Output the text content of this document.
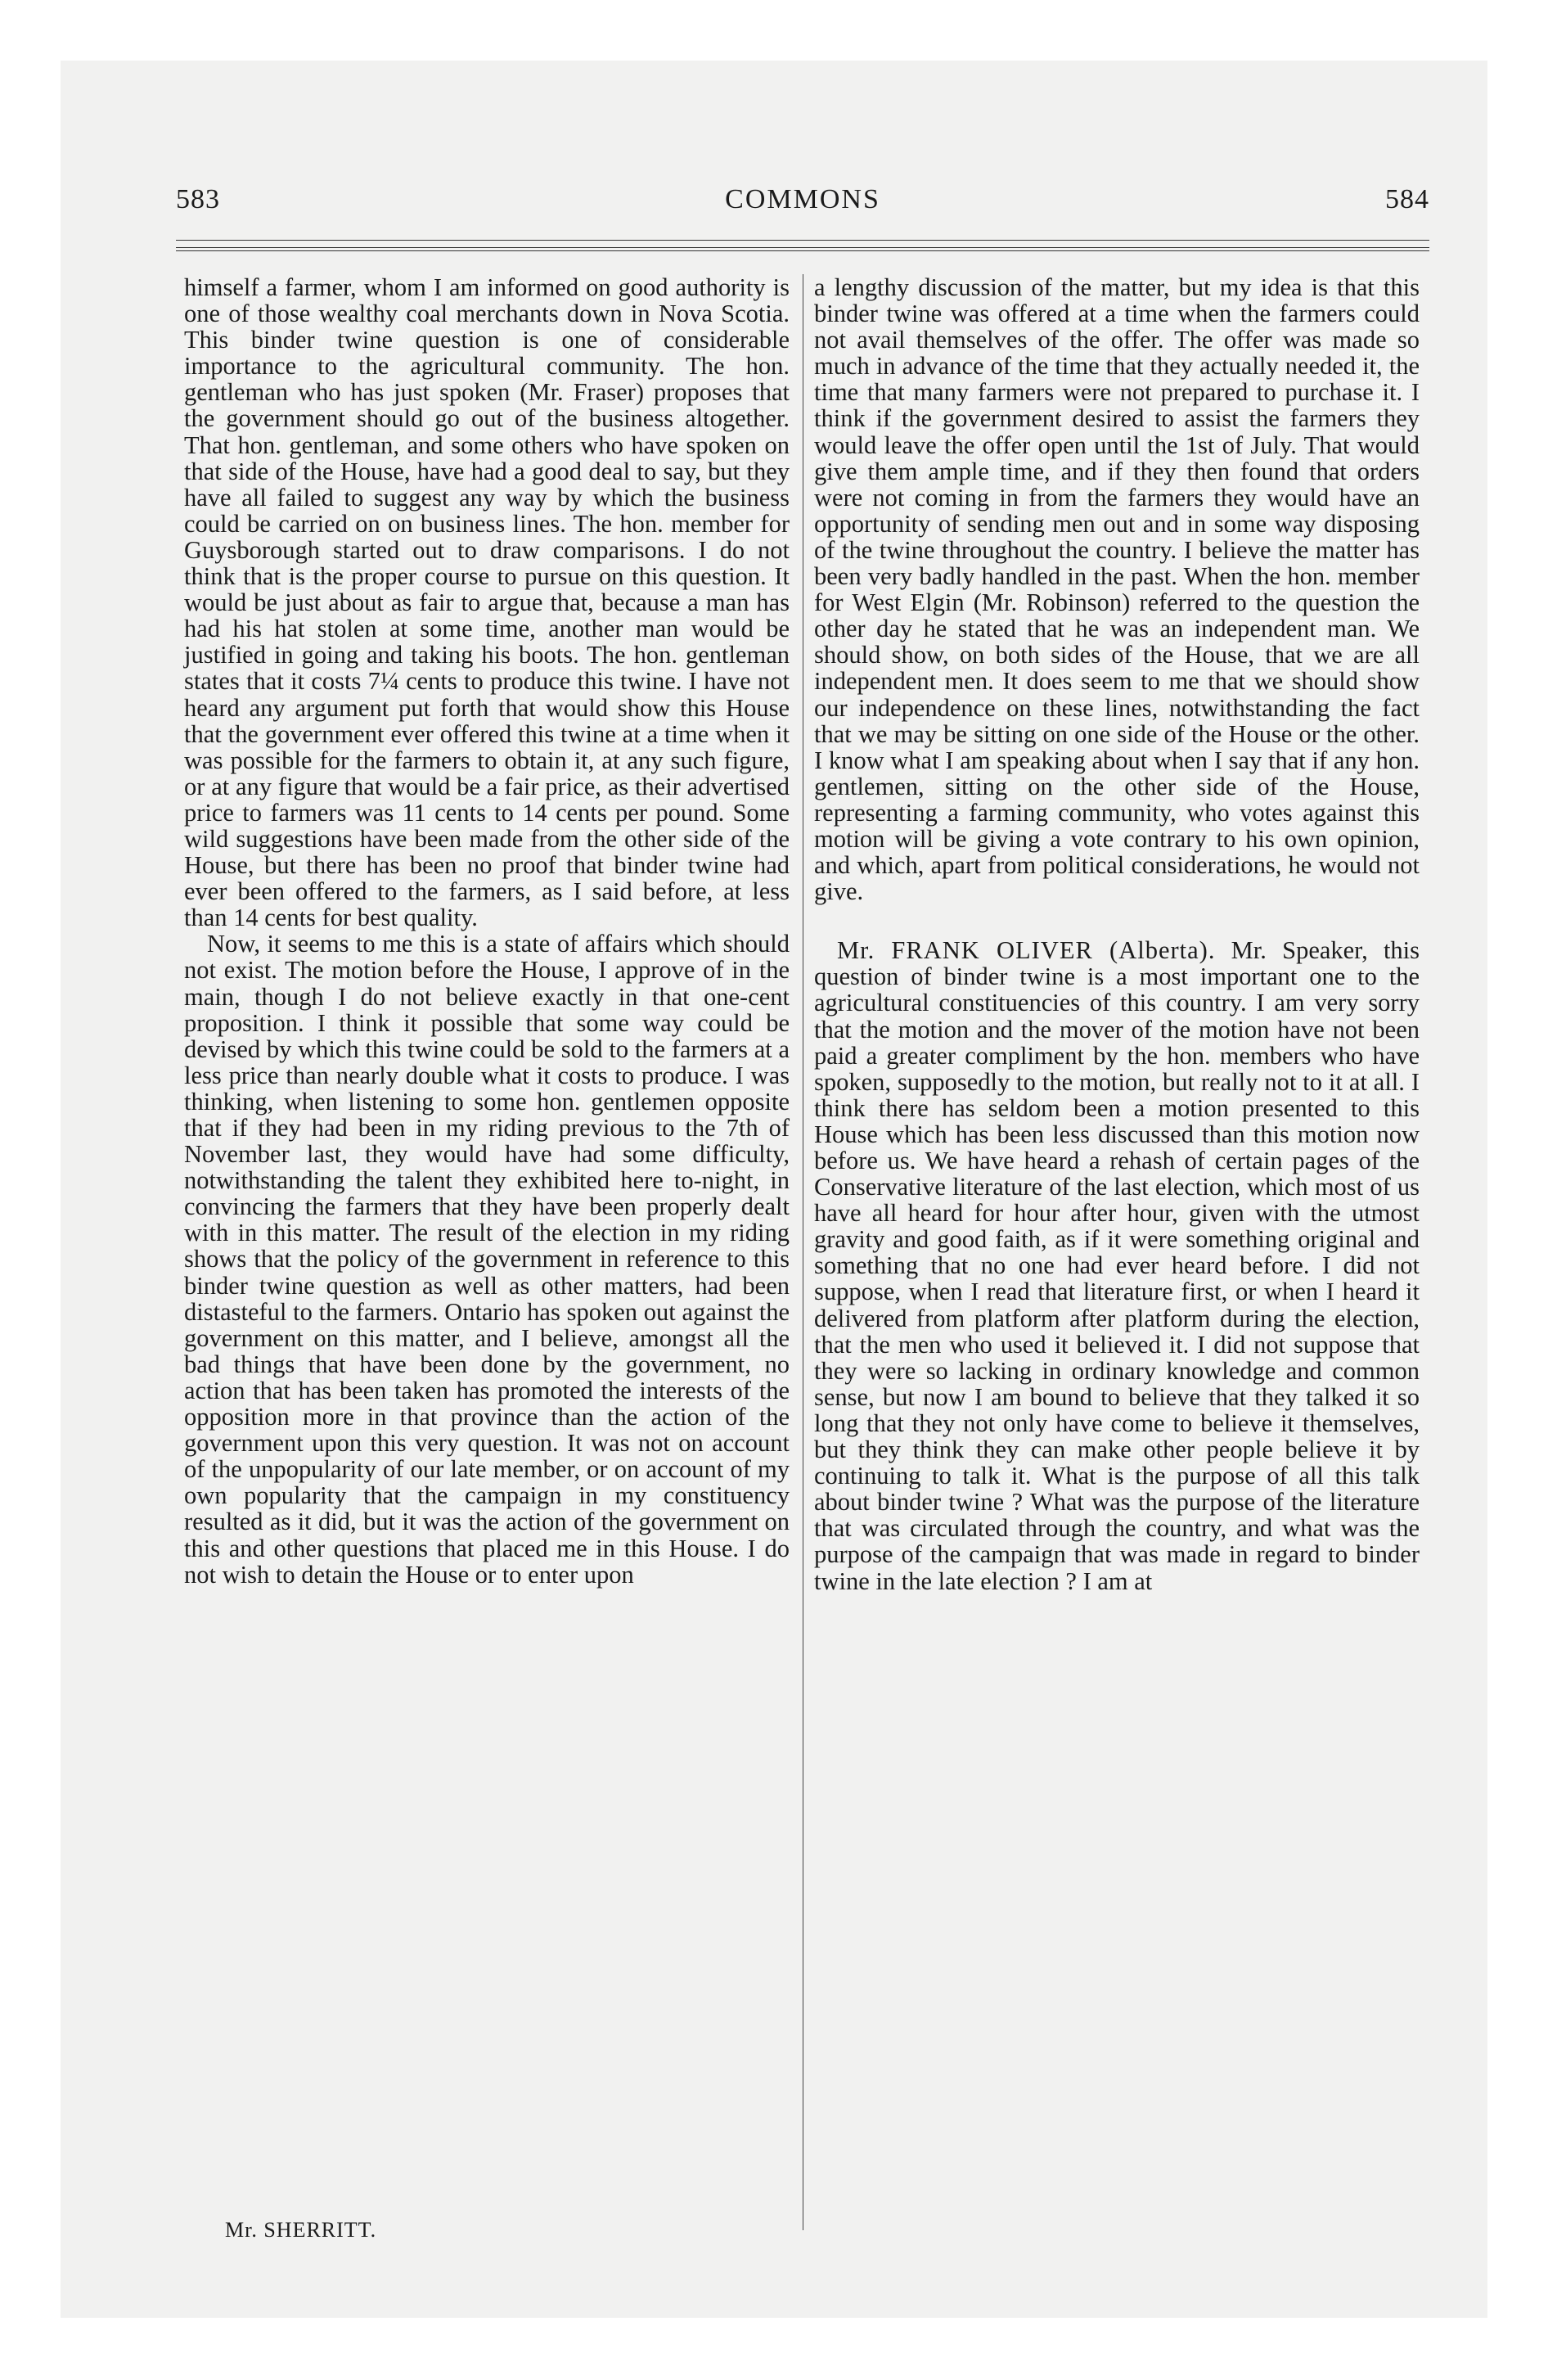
583	COMMONS	584

himself a farmer, whom I am informed on good authority is one of those wealthy coal merchants down in Nova Scotia. This binder twine question is one of considerable importance to the agricultural community. The hon. gentleman who has just spoken (Mr. Fraser) proposes that the government should go out of the business altogether. That hon. gentleman, and some others who have spoken on that side of the House, have had a good deal to say, but they have all failed to suggest any way by which the business could be carried on on business lines. The hon. member for Guysborough started out to draw comparisons. I do not think that is the proper course to pursue on this question. It would be just about as fair to argue that, because a man has had his hat stolen at some time, another man would be justified in going and taking his boots. The hon. gentleman states that it costs 7¼ cents to produce this twine. I have not heard any argument put forth that would show this House that the government ever offered this twine at a time when it was possible for the farmers to obtain it, at any such figure, or at any figure that would be a fair price, as their advertised price to farmers was 11 cents to 14 cents per pound. Some wild suggestions have been made from the other side of the House, but there has been no proof that binder twine had ever been offered to the farmers, as I said before, at less than 14 cents for best quality.

Now, it seems to me this is a state of affairs which should not exist. The motion before the House, I approve of in the main, though I do not believe exactly in that one-cent proposition. I think it possible that some way could be devised by which this twine could be sold to the farmers at a less price than nearly double what it costs to produce. I was thinking, when listening to some hon. gentlemen opposite that if they had been in my riding previous to the 7th of November last, they would have had some difficulty, notwithstanding the talent they exhibited here to-night, in convincing the farmers that they have been properly dealt with in this matter. The result of the election in my riding shows that the policy of the government in reference to this binder twine question as well as other matters, had been distasteful to the farmers. Ontario has spoken out against the government on this matter, and I believe, amongst all the bad things that have been done by the government, no action that has been taken has promoted the interests of the opposition more in that province than the action of the government upon this very question. It was not on account of the unpopularity of our late member, or on account of my own popularity that the campaign in my constituency resulted as it did, but it was the action of the government on this and other questions that placed me in this House. I do not wish to detain the House or to enter upon

a lengthy discussion of the matter, but my idea is that this binder twine was offered at a time when the farmers could not avail themselves of the offer. The offer was made so much in advance of the time that they actually needed it, the time that many farmers were not prepared to purchase it. I think if the government desired to assist the farmers they would leave the offer open until the 1st of July. That would give them ample time, and if they then found that orders were not coming in from the farmers they would have an opportunity of sending men out and in some way disposing of the twine throughout the country. I believe the matter has been very badly handled in the past. When the hon. member for West Elgin (Mr. Robinson) referred to the question the other day he stated that he was an independent man. We should show, on both sides of the House, that we are all independent men. It does seem to me that we should show our independence on these lines, notwithstanding the fact that we may be sitting on one side of the House or the other. I know what I am speaking about when I say that if any hon. gentlemen, sitting on the other side of the House, representing a farming community, who votes against this motion will be giving a vote contrary to his own opinion, and which, apart from political considerations, he would not give.

Mr. FRANK OLIVER (Alberta). Mr. Speaker, this question of binder twine is a most important one to the agricultural constituencies of this country. I am very sorry that the motion and the mover of the motion have not been paid a greater compliment by the hon. members who have spoken, supposedly to the motion, but really not to it at all. I think there has seldom been a motion presented to this House which has been less discussed than this motion now before us. We have heard a rehash of certain pages of the Conservative literature of the last election, which most of us have all heard for hour after hour, given with the utmost gravity and good faith, as if it were something original and something that no one had ever heard before. I did not suppose, when I read that literature first, or when I heard it delivered from platform after platform during the election, that the men who used it believed it. I did not suppose that they were so lacking in ordinary knowledge and common sense, but now I am bound to believe that they talked it so long that they not only have come to believe it themselves, but they think they can make other people believe it by continuing to talk it. What is the purpose of all this talk about binder twine ? What was the purpose of the literature that was circulated through the country, and what was the purpose of the campaign that was made in regard to binder twine in the late election ? I am at

Mr. SHERRITT.
